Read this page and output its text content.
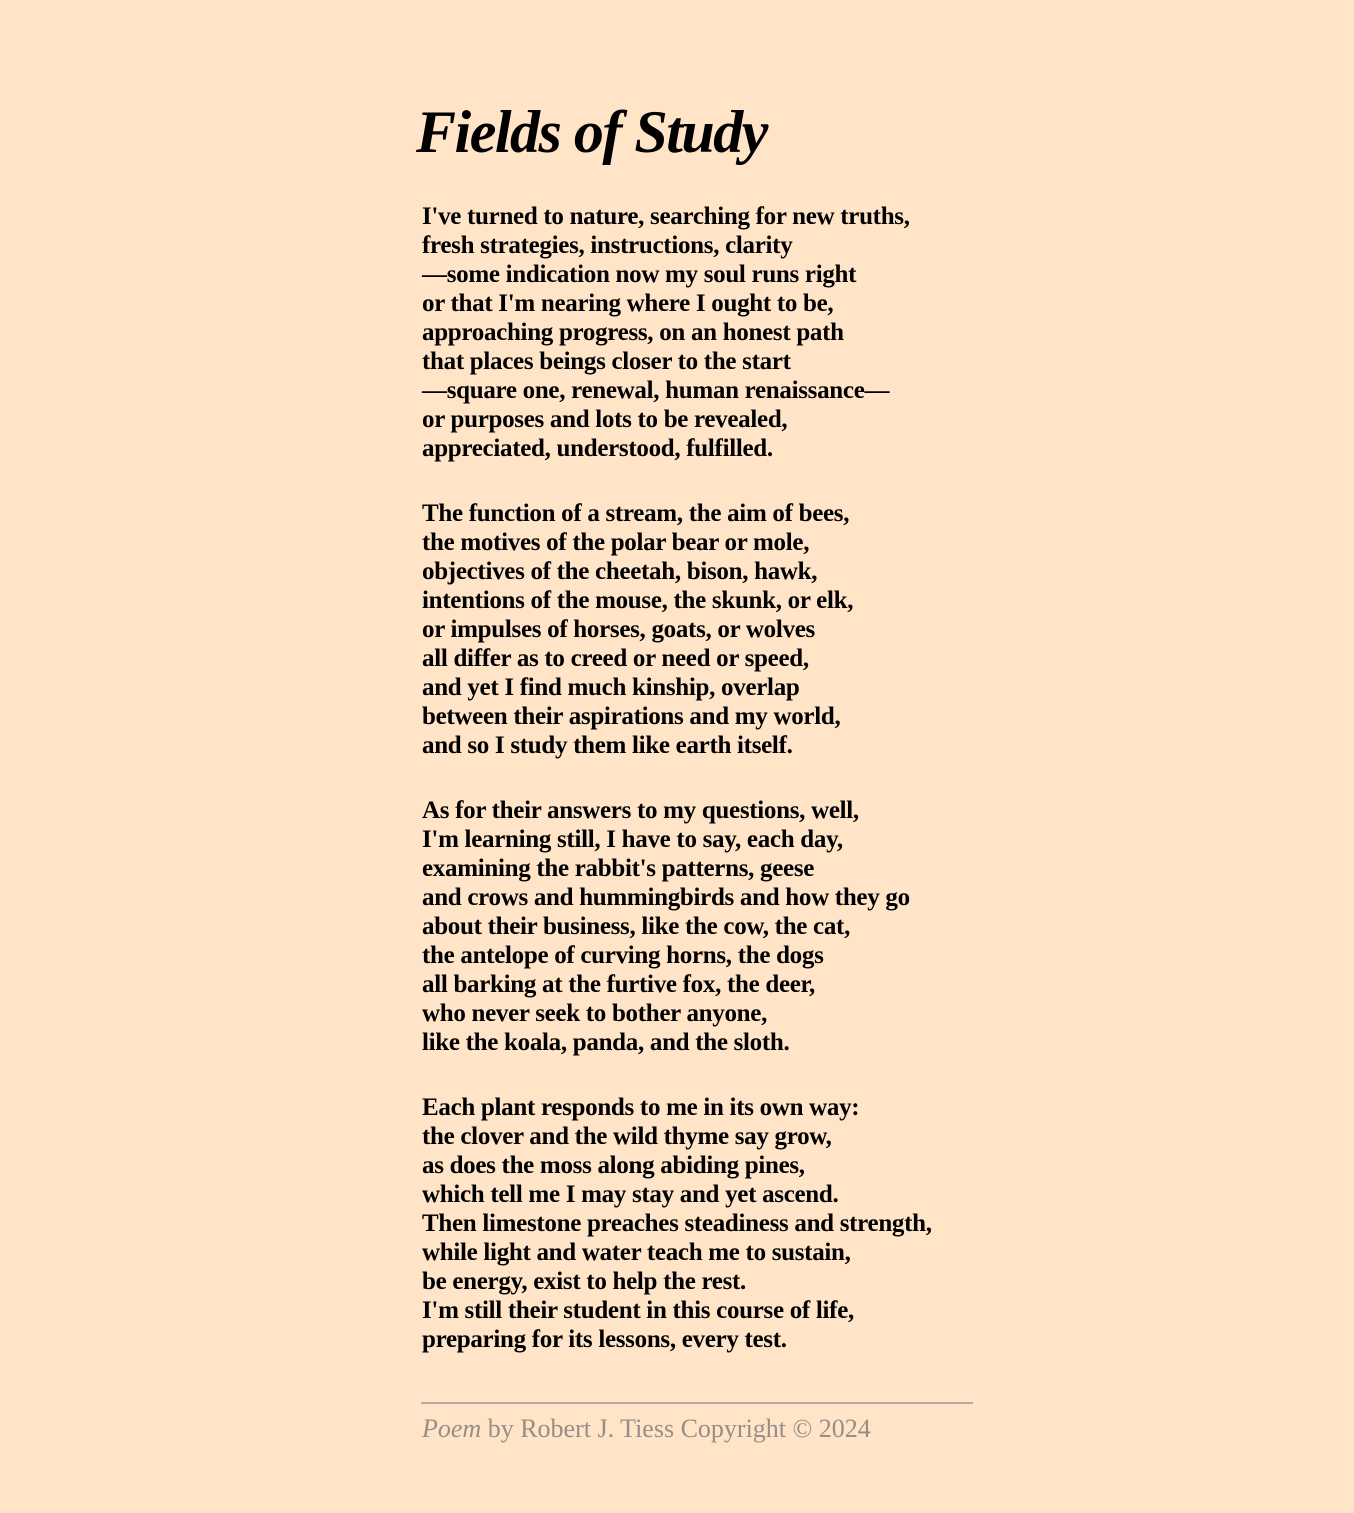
Fields of Study
I've turned to nature, searching for new truths,
fresh strategies, instructions, clarity
—some indication now my soul runs right
or that I'm nearing where I ought to be,
approaching progress, on an honest path
that places beings closer to the start
—square one, renewal, human renaissance—
or purposes and lots to be revealed,
appreciated, understood, fulfilled.
The function of a stream, the aim of bees,
the motives of the polar bear or mole,
objectives of the cheetah, bison, hawk,
intentions of the mouse, the skunk, or elk,
or impulses of horses, goats, or wolves
all differ as to creed or need or speed,
and yet I find much kinship, overlap
between their aspirations and my world,
and so I study them like earth itself.
As for their answers to my questions, well,
I'm learning still, I have to say, each day,
examining the rabbit's patterns, geese
and crows and hummingbirds and how they go
about their business, like the cow, the cat,
the antelope of curving horns, the dogs
all barking at the furtive fox, the deer,
who never seek to bother anyone,
like the koala, panda, and the sloth.
Each plant responds to me in its own way:
the clover and the wild thyme say grow,
as does the moss along abiding pines,
which tell me I may stay and yet ascend.
Then limestone preaches steadiness and strength,
while light and water teach me to sustain,
be energy, exist to help the rest.
I'm still their student in this course of life,
preparing for its lessons, every test.
Poem by Robert J. Tiess Copyright © 2024
